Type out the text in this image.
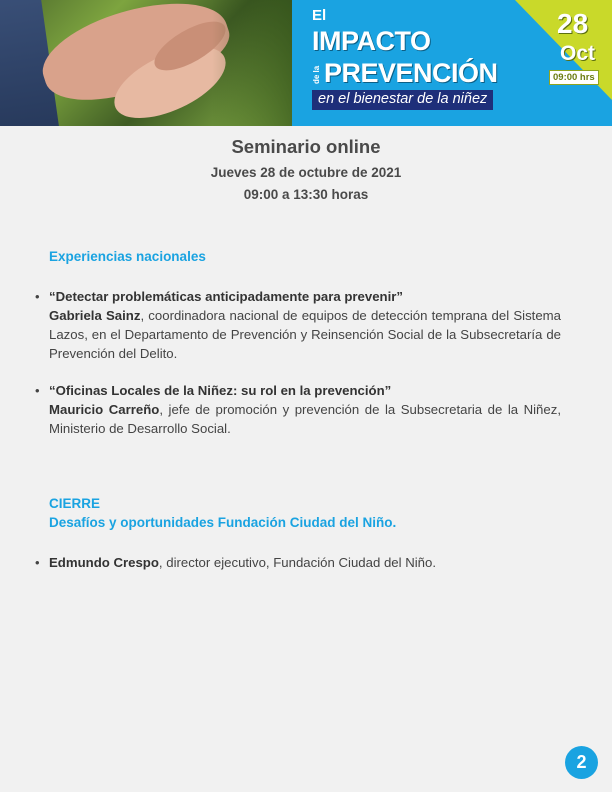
El
IMPACTO
de la PREVENCIÓN
en el bienestar de la niñez
28
Oct
09:00 hrs
Seminario online
Jueves 28 de octubre de 2021
09:00 a 13:30 horas
Experiencias nacionales
• “Detectar problemáticas anticipadamente para prevenir”
Gabriela Sainz, coordinadora nacional de equipos de detección temprana del Sistema Lazos, en el Departamento de Prevención y Reinsención Social de la Subsecretaría de Prevención del Delito.
• “Oficinas Locales de la Niñez: su rol en la prevención”
Mauricio Carreño, jefe de promoción y prevención de la Subsecretaria de la Niñez, Ministerio de Desarrollo Social.
CIERRE
Desafíos y oportunidades Fundación Ciudad del Niño.
• Edmundo Crespo, director ejecutivo, Fundación Ciudad del Niño.
2
